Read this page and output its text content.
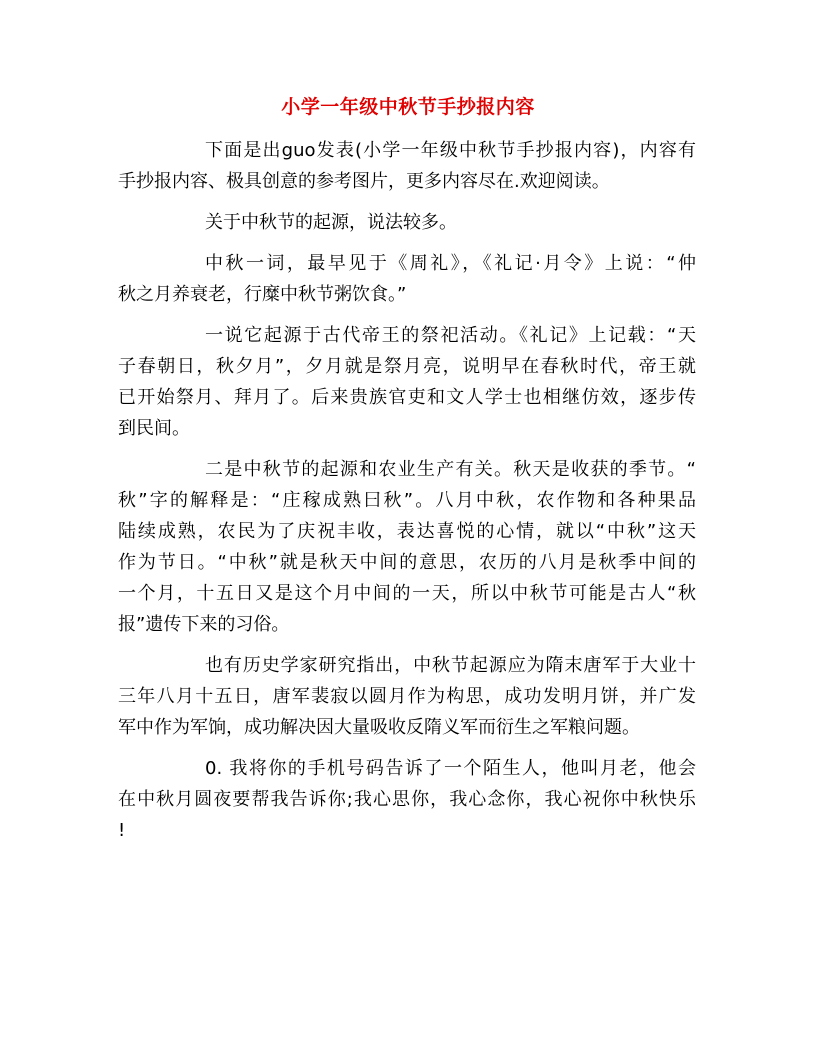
小学一年级中秋节手抄报内容
下面是出guo发表(小学一年级中秋节手抄报内容)，内容有
手抄报内容、极具创意的参考图片，更多内容尽在.欢迎阅读。
关于中秋节的起源，说法较多。
中秋一词，最早见于《周礼》，《礼记·月令》上说：“仲
秋之月养衰老，行糜中秋节粥饮食。”
一说它起源于古代帝王的祭祀活动。《礼记》上记载：“天
子春朝日，秋夕月”，夕月就是祭月亮，说明早在春秋时代，帝王就
已开始祭月、拜月了。后来贵族官吏和文人学士也相继仿效，逐步传
到民间。
二是中秋节的起源和农业生产有关。秋天是收获的季节。“
秋”字的解释是：“庄稼成熟曰秋”。八月中秋，农作物和各种果品
陆续成熟，农民为了庆祝丰收，表达喜悦的心情，就以“中秋”这天
作为节日。“中秋”就是秋天中间的意思，农历的八月是秋季中间的
一个月，十五日又是这个月中间的一天，所以中秋节可能是古人“秋
报”遗传下来的习俗。
也有历史学家研究指出，中秋节起源应为隋末唐军于大业十
三年八月十五日，唐军裴寂以圆月作为构思，成功发明月饼，并广发
军中作为军饷，成功解决因大量吸收反隋义军而衍生之军粮问题。
0. 我将你的手机号码告诉了一个陌生人，他叫月老，他会
在中秋月圆夜要帮我告诉你;我心思你，我心念你，我心祝你中秋快乐
!
